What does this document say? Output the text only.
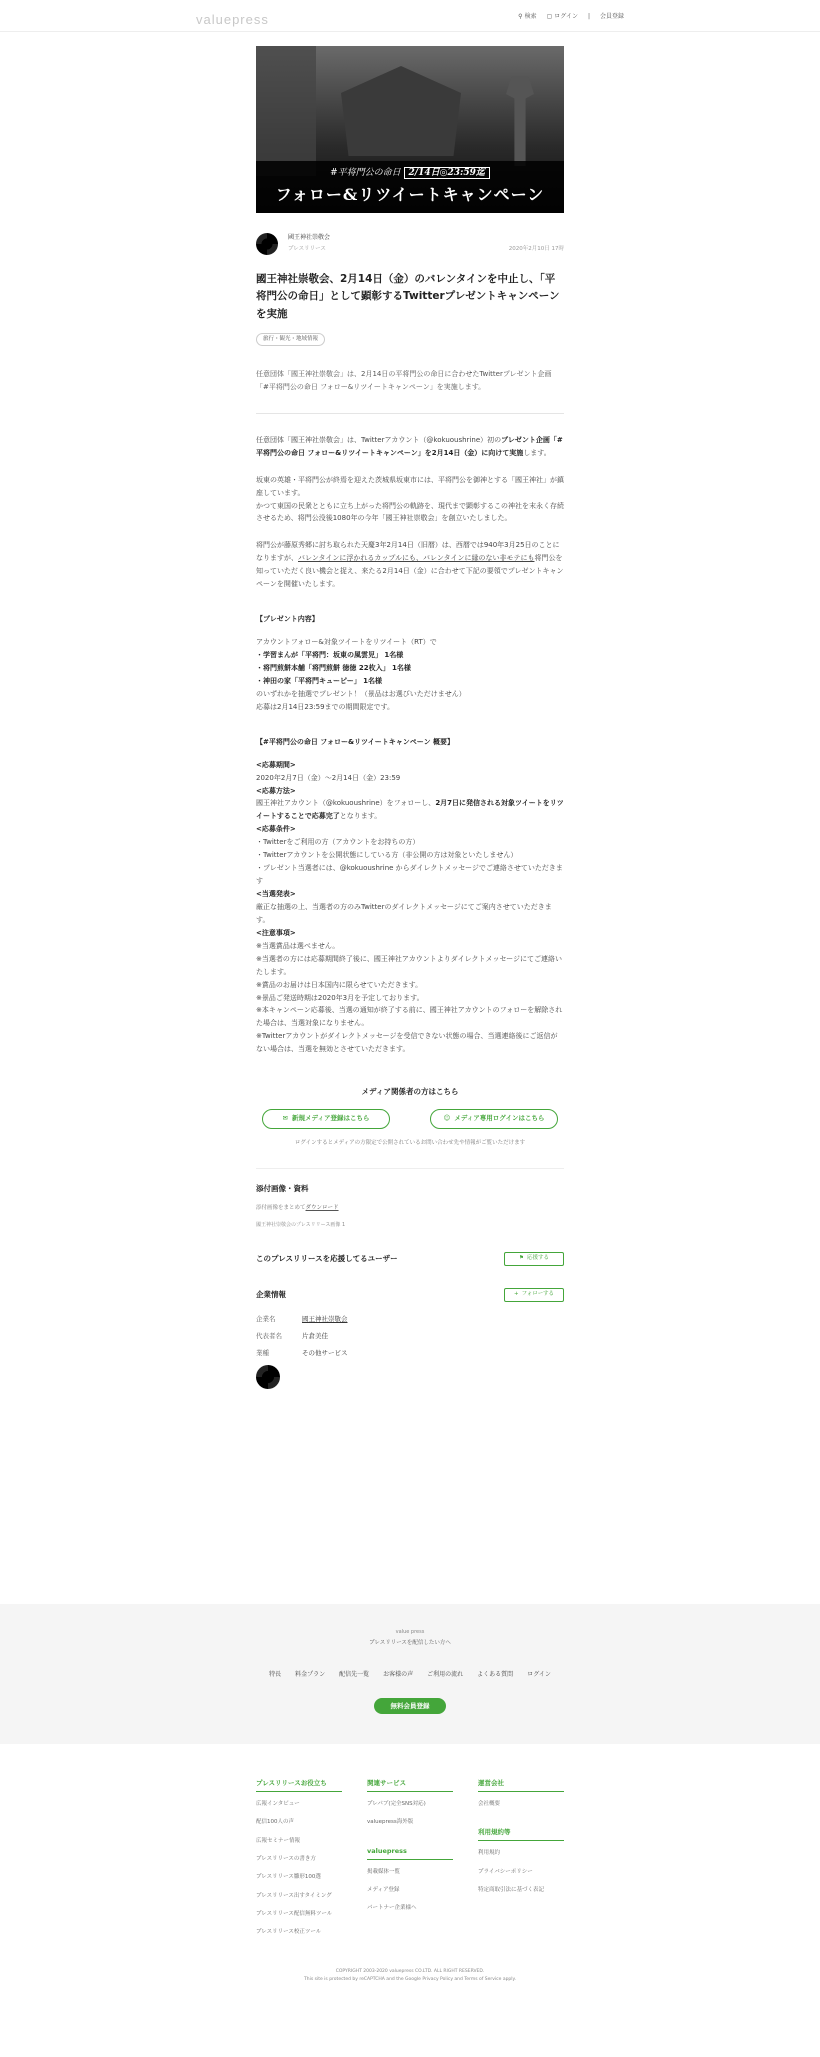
valuepress	⚲ 検索 ▢ ログイン | 会員登録
#平将門公の命日 2/14日◎23:59迄
フォロー&リツイートキャンペーン
國王神社崇敬会
プレスリリース	2020年2月10日 17時
國王神社崇敬会、2月14日（金）のバレンタインを中止し、「平将門公の命日」として顕彰するTwitterプレゼントキャンペーンを実施
旅行・観光・地域情報

任意団体「國王神社崇敬会」は、2月14日の平将門公の命日に合わせたTwitterプレゼント企画「#平将門公の命日 フォロー&リツイートキャンペーン」を実施します。

任意団体「國王神社崇敬会」は、Twitterアカウント（@kokuoushrine）初のプレゼント企画「#平将門公の命日 フォロー&リツイートキャンペーン」を2月14日（金）に向けて実施します。

坂東の英雄・平将門公が終焉を迎えた茨城県坂東市には、平将門公を御神とする「國王神社」が鎮座しています。
かつて東国の民衆とともに立ち上がった将門公の軌跡を、現代まで顕彰するこの神社を末永く存続させるため、将門公没後1080年の今年「國王神社崇敬会」を創立いたしました。

将門公が藤原秀郷に討ち取られた天慶3年2月14日（旧暦）は、西暦では940年3月25日のことになりますが、バレンタインに浮かれるカップルにも、バレンタインに縁のない非モテにも将門公を知っていただく良い機会と捉え、来たる2月14日（金）に合わせて下記の要領でプレゼントキャンペーンを開催いたします。

【プレゼント内容】
アカウントフォロー&対象ツイートをリツイート（RT）で
・学習まんが「平将門：坂東の風雲児」 1名様
・将門煎餅本舗「将門煎餅 徳徳 22枚入」 1名様
・神田の家「平将門キューピー」 1名様
のいずれかを抽選でプレゼント！（景品はお選びいただけません）
応募は2月14日23:59までの期間限定です。
【#平将門公の命日 フォロー&リツイートキャンペーン 概要】
<応募期間>
2020年2月7日（金）〜2月14日（金）23:59
<応募方法>
國王神社アカウント（@kokuoushrine）をフォローし、2月7日に発信される対象ツイートをリツイートすることで応募完了となります。
<応募条件>
・Twitterをご利用の方（アカウントをお持ちの方）
・Twitterアカウントを公開状態にしている方（非公開の方は対象といたしません）
・プレゼント当選者には、@kokuoushrine からダイレクトメッセージでご連絡させていただきます
<当選発表>
厳正な抽選の上、当選者の方のみTwitterのダイレクトメッセージにてご案内させていただきます。
<注意事項>
※当選賞品は選べません。
※当選者の方には応募期間終了後に、國王神社アカウントよりダイレクトメッセージにてご連絡いたします。
※賞品のお届けは日本国内に限らせていただきます。
※景品ご発送時期は2020年3月を予定しております。
※本キャンペーン応募後、当選の通知が終了する前に、國王神社アカウントのフォローを解除された場合は、当選対象になりません。
※Twitterアカウントがダイレクトメッセージを受信できない状態の場合、当選連絡後にご返信がない場合は、当選を無効とさせていただきます。
メディア関係者の方はこちら
✉ 新規メディア登録はこちら	☺ メディア専用ログインはこちら
ログインするとメディアの方限定で公開されているお問い合わせ先や情報がご覧いただけます
添付画像・資料
添付画像をまとめてダウンロード
國王神社崇敬会のプレスリリース画像 1
このプレスリリースを応援してるユーザー	⚑ 応援する
企業情報	+ フォローする
企業名	國王神社崇敬会
代表者名	片倉美佳
業種	その他サービス
value press
プレスリリースを配信したい方へ
特長 料金プラン 配信先一覧 お客様の声 ご利用の流れ よくある質問 ログイン
無料会員登録
プレスリリースお役立ち
広報インタビュー
配信100人の声
広報セミナー情報
プレスリリースの書き方
プレスリリース雛形100選
プレスリリース出すタイミング
プレスリリース配信無料ツール
プレスリリース校正ツール
関連サービス
プレパブ(完全SNS対応)
valuepress海外版
valuepress
掲載媒体一覧
メディア登録
パートナー企業様へ
運営会社
会社概要
利用規約等
利用規約
プライバシーポリシー
特定商取引法に基づく表記
COPYRIGHT 2003-2020 valuepress CO.LTD. ALL RIGHT RESERVED.
This site is protected by reCAPTCHA and the Google Privacy Policy and Terms of Service apply.
